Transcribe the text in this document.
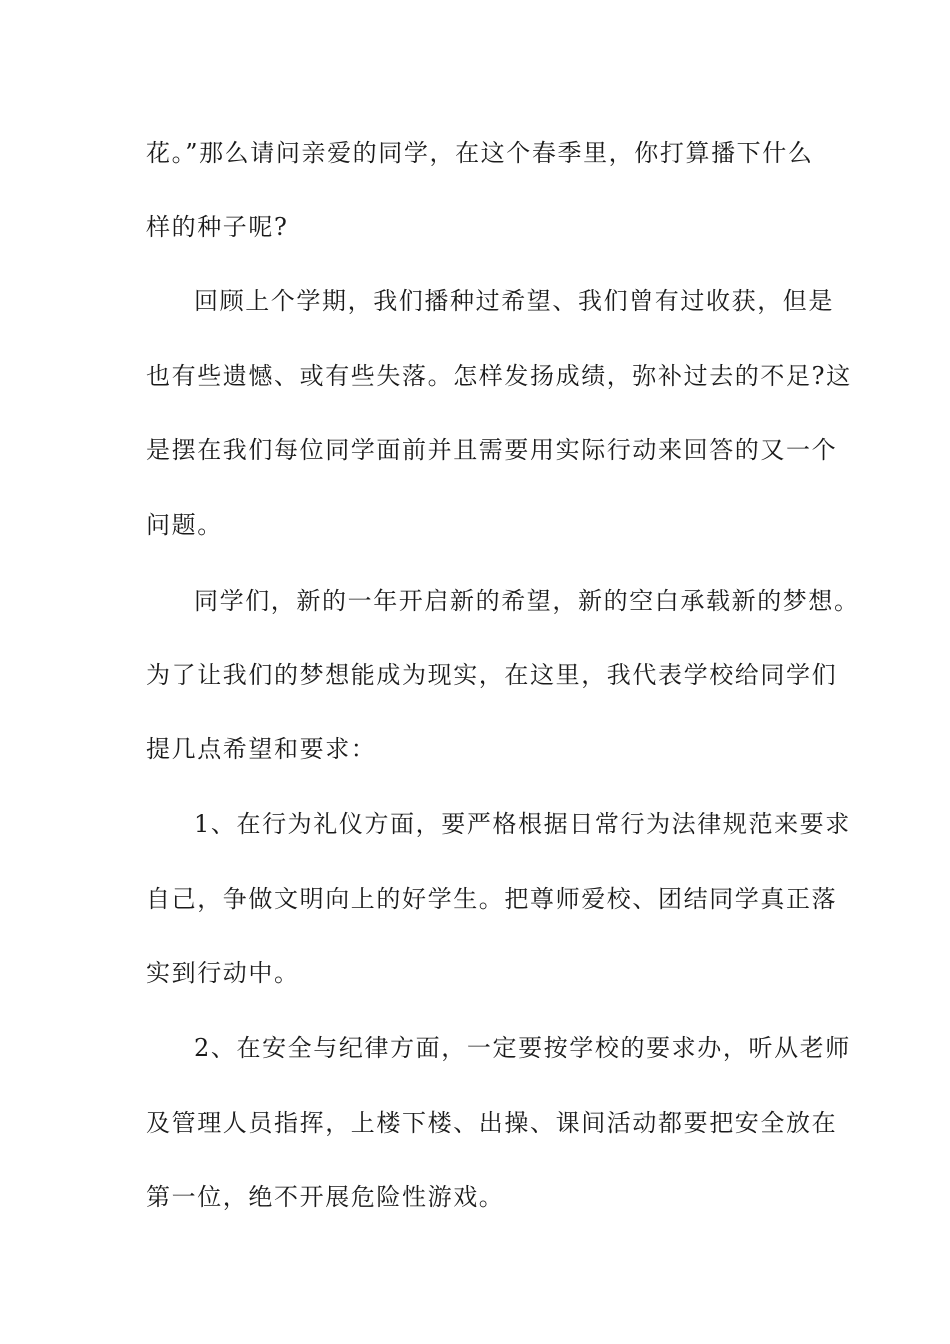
花。”那么请问亲爱的同学，在这个春季里，你打算播下什么
样的种子呢?
回顾上个学期，我们播种过希望、我们曾有过收获，但是
也有些遗憾、或有些失落。怎样发扬成绩，弥补过去的不足?这
是摆在我们每位同学面前并且需要用实际行动来回答的又一个
问题。
同学们，新的一年开启新的希望，新的空白承载新的梦想。
为了让我们的梦想能成为现实，在这里，我代表学校给同学们
提几点希望和要求：
1、在行为礼仪方面，要严格根据日常行为法律规范来要求
自己，争做文明向上的好学生。把尊师爱校、团结同学真正落
实到行动中。
2、在安全与纪律方面，一定要按学校的要求办，听从老师
及管理人员指挥，上楼下楼、出操、课间活动都要把安全放在
第一位，绝不开展危险性游戏。
